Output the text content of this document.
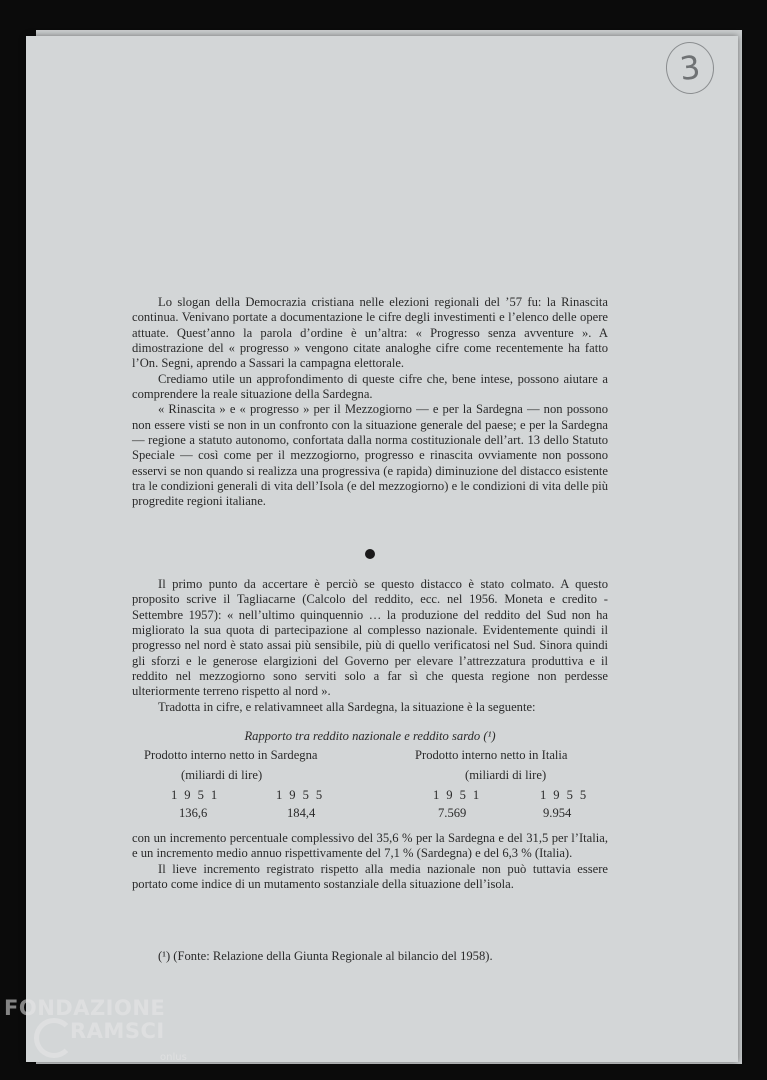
3

Lo slogan della Democrazia cristiana nelle elezioni regionali del ’57 fu: la Rinascita continua. Venivano portate a documentazione le cifre degli investimenti e l’elenco delle opere attuate. Quest’anno la parola d’ordine è un’altra: « Progresso senza avventure ». A dimostrazione del « progresso » vengono citate analoghe cifre come recentemente ha fatto l’On. Segni, aprendo a Sassari la campagna elettorale.

Crediamo utile un approfondimento di queste cifre che, bene intese, possono aiutare a comprendere la reale situazione della Sardegna.

« Rinascita » e « progresso » per il Mezzogiorno — e per la Sardegna — non possono non essere visti se non in un confronto con la situazione generale del paese; e per la Sardegna — regione a statuto autonomo, confortata dalla norma costituzionale dell’art. 13 dello Statuto Speciale — così come per il mezzogiorno, progresso e rinascita ovviamente non possono esservi se non quando si realizza una progressiva (e rapida) diminuzione del distacco esistente tra le condizioni generali di vita dell’Isola (e del mezzogiorno) e le condizioni di vita delle più progredite regioni italiane.

Il primo punto da accertare è perciò se questo distacco è stato colmato. A questo proposito scrive il Tagliacarne (Calcolo del reddito, ecc. nel 1956. Moneta e credito - Settembre 1957): « nell’ultimo quinquennio … la produzione del reddito del Sud non ha migliorato la sua quota di partecipazione al complesso nazionale. Evidentemente quindi il progresso nel nord è stato assai più sensibile, più di quello verificatosi nel Sud. Sinora quindi gli sforzi e le generose elargizioni del Governo per elevare l’attrezzatura produttiva e il reddito nel mezzogiorno sono serviti solo a far sì che questa regione non perdesse ulteriormente terreno rispetto al nord ».

Tradotta in cifre, e relativamneet alla Sardegna, la situazione è la seguente:

Rapporto tra reddito nazionale e reddito sardo (¹)
Prodotto interno netto in Sardegna
(miliardi di lire)
1951	1955
136,6	184,4
Prodotto interno netto in Italia
(miliardi di lire)
1951	1955
7.569	9.954

con un incremento percentuale complessivo del 35,6 % per la Sardegna e del 31,5 per l’Italia, e un incremento medio annuo rispettivamente del 7,1 % (Sardegna) e del 6,3 % (Italia).

Il lieve incremento registrato rispetto alla media nazionale non può tuttavia essere portato come indice di un mutamento sostanziale della situazione dell’isola.

(¹) (Fonte: Relazione della Giunta Regionale al bilancio del 1958).
FONDAZIONE
RAMSCI
onlus
